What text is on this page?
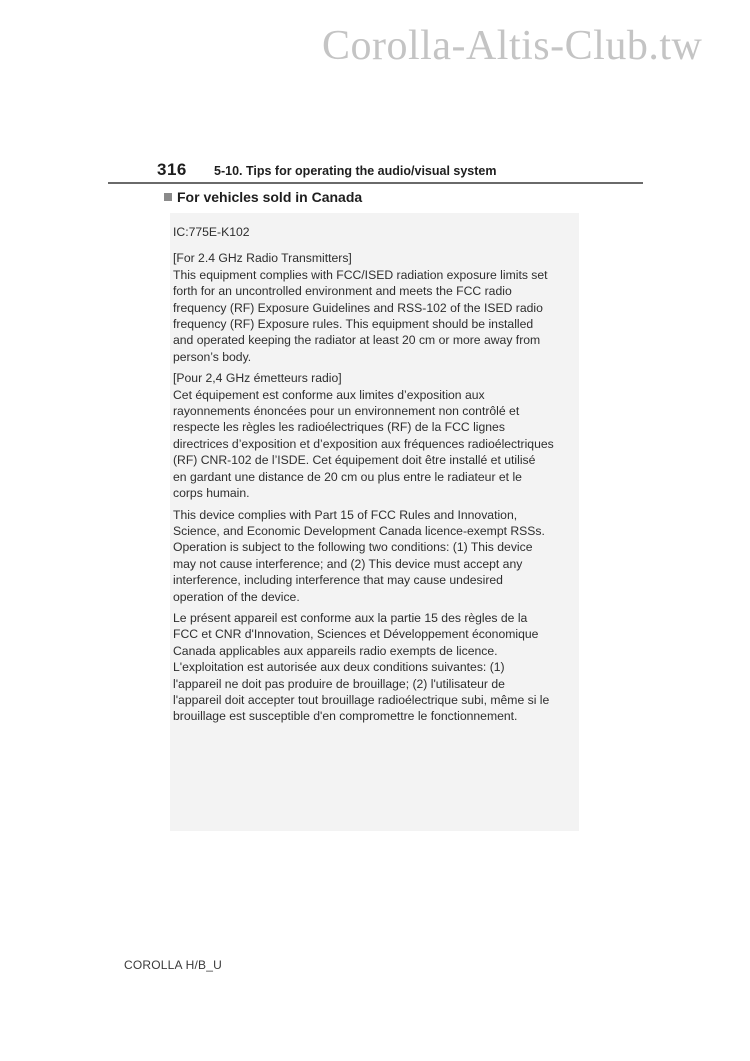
Corolla-Altis-Club.tw
316 5-10. Tips for operating the audio/visual system
For vehicles sold in Canada

IC:775E-K102

[For 2.4 GHz Radio Transmitters]
This equipment complies with FCC/ISED radiation exposure limits set
forth for an uncontrolled environment and meets the FCC radio
frequency (RF) Exposure Guidelines and RSS-102 of the ISED radio
frequency (RF) Exposure rules. This equipment should be installed
and operated keeping the radiator at least 20 cm or more away from
person’s body.

[Pour 2,4 GHz émetteurs radio]
Cet équipement est conforme aux limites d’exposition aux
rayonnements énoncées pour un environnement non contrôlé et
respecte les règles les radioélectriques (RF) de la FCC lignes
directrices d’exposition et d’exposition aux fréquences radioélectriques
(RF) CNR-102 de l’ISDE. Cet équipement doit être installé et utilisé
en gardant une distance de 20 cm ou plus entre le radiateur et le
corps humain.

This device complies with Part 15 of FCC Rules and Innovation,
Science, and Economic Development Canada licence-exempt RSSs.
Operation is subject to the following two conditions: (1) This device
may not cause interference; and (2) This device must accept any
interference, including interference that may cause undesired
operation of the device.

Le présent appareil est conforme aux la partie 15 des règles de la
FCC et CNR d'Innovation, Sciences et Développement économique
Canada applicables aux appareils radio exempts de licence.
L'exploitation est autorisée aux deux conditions suivantes: (1)
l'appareil ne doit pas produire de brouillage; (2) l'utilisateur de
l'appareil doit accepter tout brouillage radioélectrique subi, même si le
brouillage est susceptible d'en compromettre le fonctionnement.

COROLLA H/B_U
